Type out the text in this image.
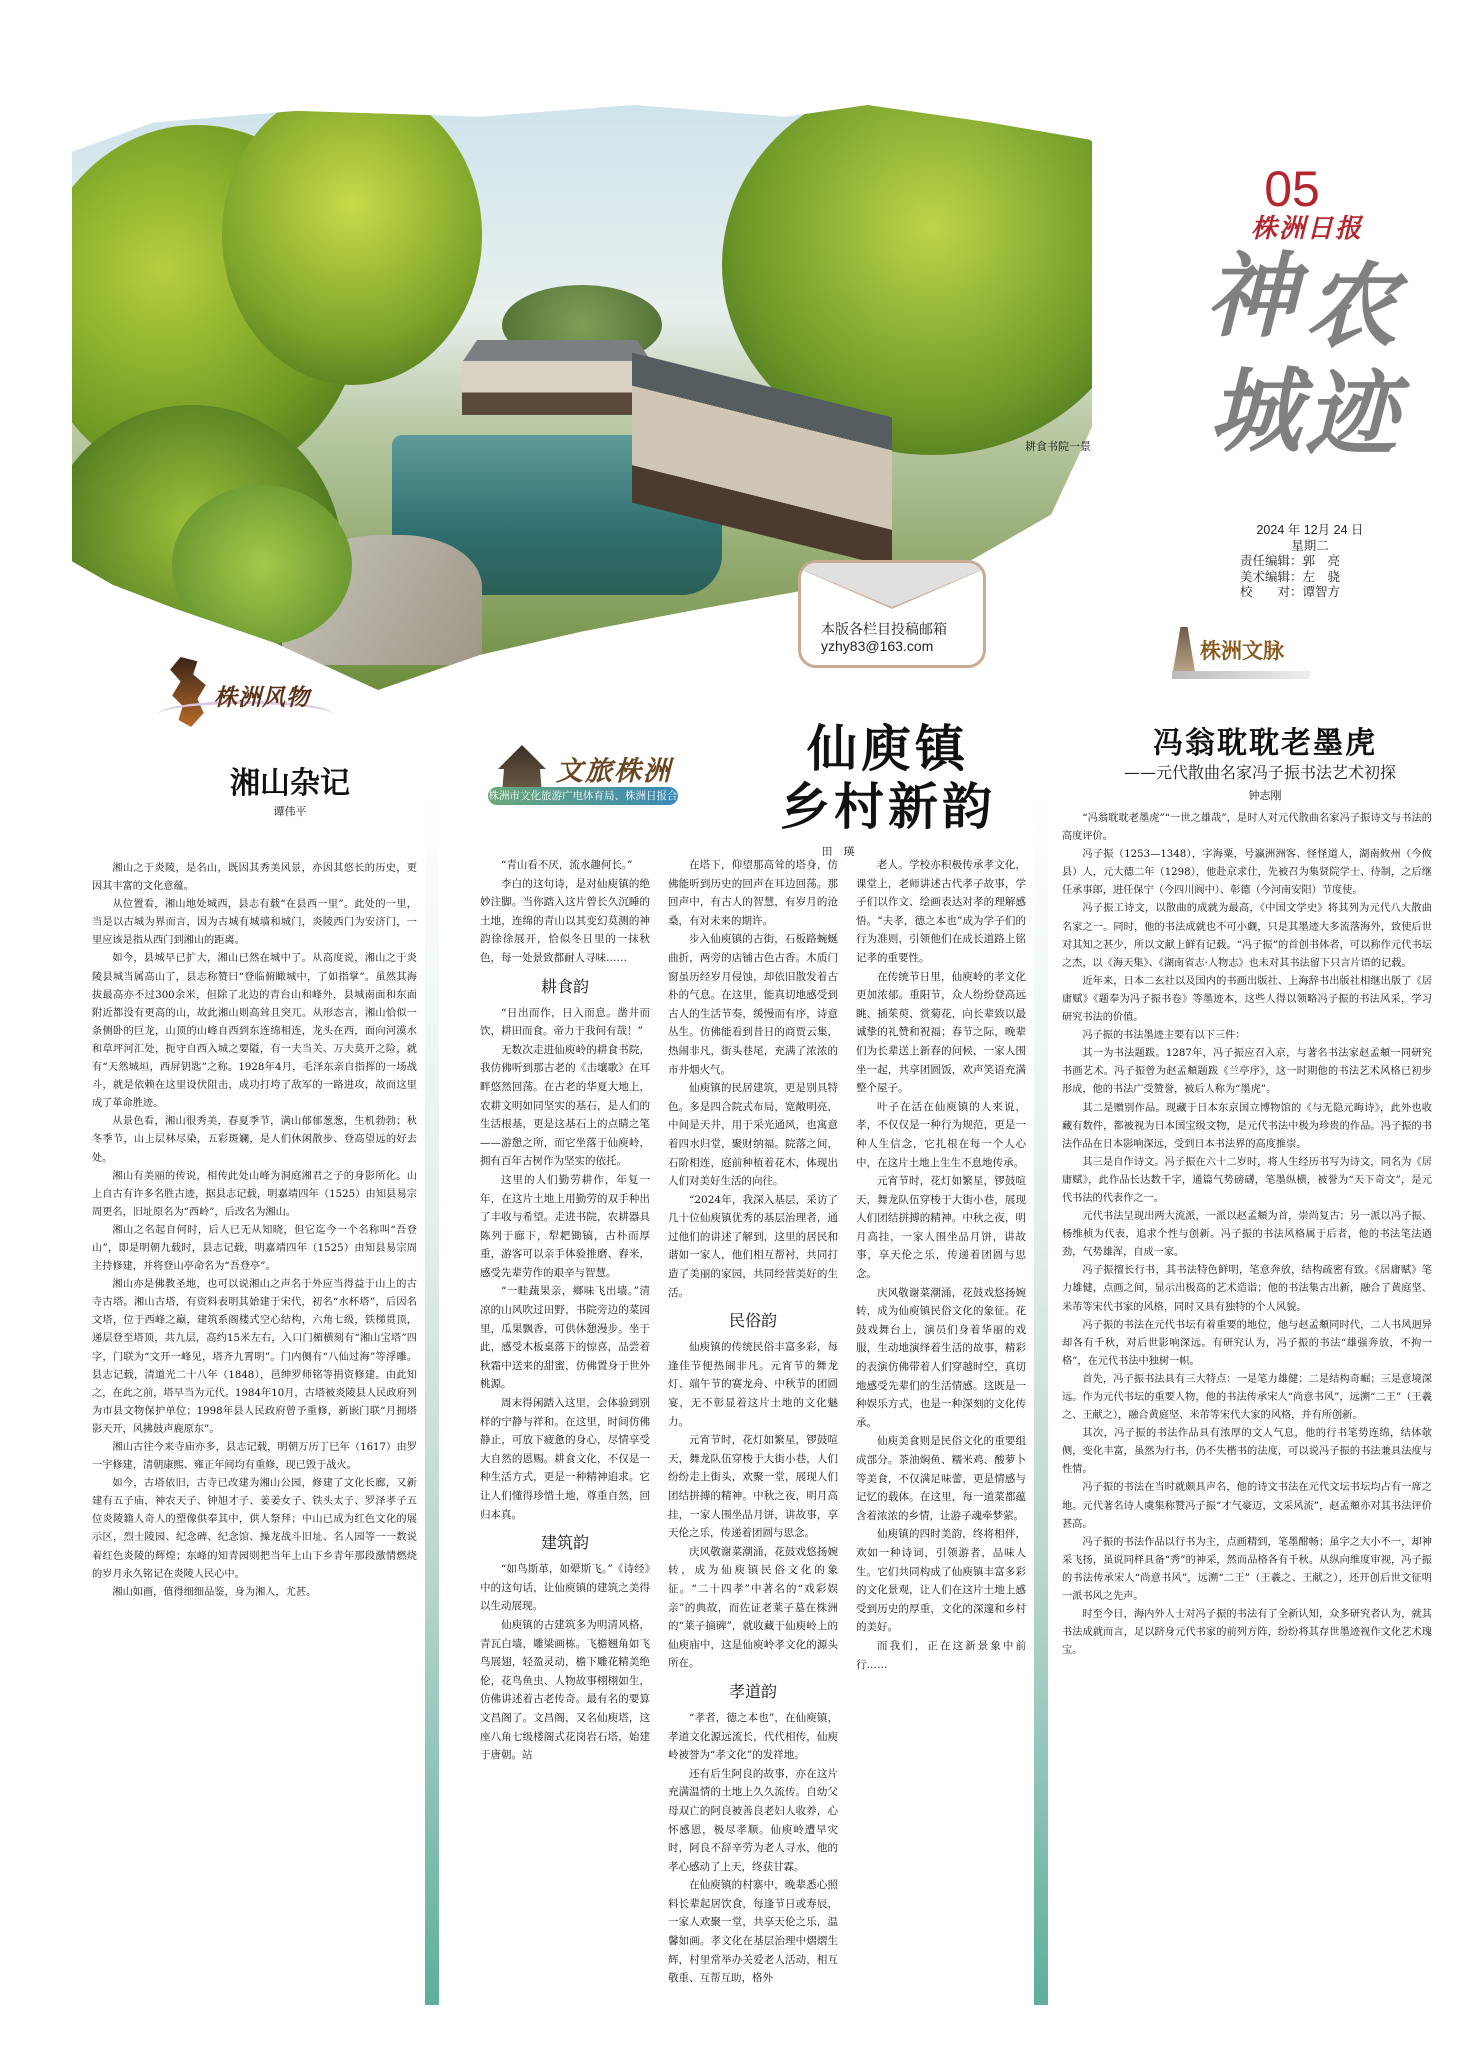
耕食书院一景
05
株洲日报
神 农
城 迹
2024 年 12月 24 日
星期二
责任编辑：郭　亮
美术编辑：左　骁
校　　对：谭智方
本版各栏目投稿邮箱
yzhy83@163.com
株洲风物
文旅株洲
株洲市文化旅游广电体育局、株洲日报合办
株洲文脉
湘山杂记
谭伟平
仙庾镇
乡村新韵
田 瑛
冯翁耽耽老墨虎
——元代散曲名家冯子振书法艺术初探
钟志刚

湘山之于炎陵，是名山，既因其秀美风景，亦因其悠长的历史，更因其丰富的文化意蕴。

从位置看，湘山地处城西，县志有载“在县西一里”。此处的一里，当是以古城为界而言，因为古城有城墙和城门，炎陵西门为安济门，一里应该是指从西门到湘山的距离。

如今，县城早已扩大，湘山已然在城中了。从高度说，湘山之于炎陵县城当属高山了，县志称赞曰“登临俯瞰城中，了如指掌”。虽然其海拔最高亦不过300余米，但除了北边的青台山和峰外，县城南面和东面附近都没有更高的山，故此湘山则高耸且突兀。从形态言，湘山恰似一条侧卧的巨龙，山顶的山峰自西到东连绵相连，龙头在西，面向河漠水和草坪河汇处，扼守自西入城之要隘，有一夫当关、万夫莫开之险，就有“天然城垣，西屏钥匙”之称。1928年4月，毛泽东亲自指挥的一场战斗，就是依赖在这里设伏阻击，成功打垮了敌军的一路进攻，故而这里成了革命胜迹。

从景色看，湘山很秀美，春夏季节，满山郁郁葱葱，生机勃勃；秋冬季节，山上层林尽染，五彩斑斓，是人们休闲散步、登高望远的好去处。

湘山有美丽的传说，相传此处山峰为洞庭湘君之子的身影所化。山上自古有许多名胜古迹，据县志记载，明嘉靖四年（1525）由知县易宗周更名，旧址原名为“西岭”，后改名为湘山。

湘山之名起自何时，后人已无从知晓，但它迄今一个名称叫“吾登山”，即是明朝九载时，县志记载，明嘉靖四年（1525）由知县易宗周主持修建，并将登山亭命名为“吾登亭”。

湘山亦是佛教圣地，也可以说湘山之声名于外应当得益于山上的古寺古塔。湘山古塔，有资料表明其始建于宋代，初名“水杯塔”，后因名文塔，位于西峰之巅，建筑系阁楼式空心结构，六角七级，铁梯贯顶，递层登至塔顶，共九层，高约15米左右，入口门楣横刻有“湘山宝塔”四字，门联为“文开一峰见，塔齐九霄明”。门内侧有“八仙过海”等浮雕。县志记载，清道光二十八年（1848），邑绅罗师铭等捐资修建。由此知之，在此之前，塔早当为元代。1984年10月，古塔被炎陵县人民政府列为市县文物保护单位；1998年县人民政府曾予重修，新嵌门联“月拥塔影天开，风拂鼓声鹿原东”。

湘山古往今来寺庙亦多，县志记载，明朝万历丁巳年（1617）由罗一宇修建，清朝康熙、雍正年间均有重修，现已毁于战火。

如今，古塔依旧，古寺已改建为湘山公园，修建了文化长廊，又新建有五子庙，神农天子、钟旭才子、姜姜女子、铁头太子、罗泽孝子五位炎陵籍人奇人的塑像供奉其中，供人祭拜；中山已成为红色文化的展示区，烈士陵园、纪念碑、纪念馆、操龙战斗旧址、名人园等一一数说着红色炎陵的辉煌；东峰的知青园则把当年上山下乡青年那段激情燃烧的岁月永久铭记在炎陵人民心中。

湘山如画，值得细细品鉴，身为湘人，尤甚。

“青山看不厌，流水趣何长。”

李白的这句诗，是对仙庾镇的绝妙注脚。当你踏入这片曾长久沉睡的土地，连绵的青山以其变幻莫测的神韵徐徐展开，恰似冬日里的一抹秋色，每一处景致都耐人寻味……

耕食韵

“日出而作，日入而息。凿井而饮，耕田而食。帝力于我何有哉！”

无数次走进仙庾岭的耕食书院，我仿佛听到那古老的《击壤歌》在耳畔悠然回荡。在古老的华夏大地上，农耕文明如同坚实的基石，是人们的生活根基，更是这基石上的点睛之笔——游憩之所，而它坐落于仙庾岭，拥有百年古树作为坚实的依托。

这里的人们勤劳耕作，年复一年，在这片土地上用勤劳的双手种出了丰收与希望。走进书院，农耕器具陈列于廊下，犁耙锄镐，古朴而厚重，游客可以亲手体验推磨、舂米，感受先辈劳作的艰辛与智慧。

“一畦蔬果亲，鄉味飞出墙。”清凉的山风吹过田野，书院旁边的菜园里，瓜果飘香，可供休憩漫步。坐于此，感受木板桌落下的惊喜，品尝着秋霜中送来的甜蜜，仿佛置身于世外桃源。

周末得闲踏入这里，会体验到别样的宁静与祥和。在这里，时间仿佛静止，可放下疲惫的身心，尽情享受大自然的恩赐。耕食文化，不仅是一种生活方式，更是一种精神追求。它让人们懂得珍惜土地，尊重自然，回归本真。

建筑韵

“如鸟斯革，如翚斯飞。”《诗经》中的这句话，让仙庾镇的建筑之美得以生动展现。

仙庾镇的古建筑多为明清风格，青瓦白墙，雕梁画栋。飞檐翘角如飞鸟展翅，轻盈灵动，檐下雕花精美绝伦，花鸟鱼虫、人物故事栩栩如生，仿佛讲述着古老传奇。最有名的要算文昌阁了。文昌阁，又名仙庾塔，这座八角七级楼阁式花岗岩石塔，始建于唐朝。站

在塔下，仰望那高耸的塔身，仿佛能听到历史的回声在耳边回荡。那回声中，有古人的智慧，有岁月的沧桑，有对未来的期许。

步入仙庾镇的古街，石板路蜿蜒曲折，两旁的店铺古色古香。木质门窗虽历经岁月侵蚀，却依旧散发着古朴的气息。在这里，能真切地感受到古人的生活节奏，缓慢而有序，诗意丛生。仿佛能看到昔日的商贾云集，热闹非凡，街头巷尾，充满了浓浓的市井烟火气。

仙庾镇的民居建筑，更是别具特色。多是四合院式布局，宽敞明亮，中间是天井，用于采光通风，也寓意着四水归堂，聚财纳福。院落之间，石阶相连，庭前种植着花木，体现出人们对美好生活的向往。

“2024年，我深入基层，采访了几十位仙庾镇优秀的基层治理者，通过他们的讲述了解到，这里的居民和谐如一家人，他们相互帮衬，共同打造了美丽的家园，共同经营美好的生活。

民俗韵

仙庾镇的传统民俗丰富多彩，每逢佳节便热闹非凡。元宵节的舞龙灯、端午节的赛龙舟、中秋节的团圆宴，无不彰显着这片土地的文化魅力。

元宵节时，花灯如繁星，锣鼓喧天，舞龙队伍穿梭于大街小巷，人们纷纷走上街头，欢聚一堂，展现人们团结拼搏的精神。中秋之夜，明月高挂，一家人围坐品月饼，讲故事，享天伦之乐，传递着团圆与思念。

庆风敬谢菜潮涌，花鼓戏悠扬婉转，成为仙庾镇民俗文化的象征。“二十四孝”中著名的“戏彩娱亲”的典故，而佐证老莱子墓在株洲的“莱子摘碑”，就收藏于仙庾岭上的仙庾庙中，这是仙庾岭孝文化的源头所在。

孝道韵

“孝者，德之本也”，在仙庾镇，孝道文化源远流长，代代相传，仙庾岭被誉为“孝文化”的发祥地。

还有后生阿良的故事，亦在这片充满温情的土地上久久流传。自幼父母双亡的阿良被善良老妇人收养，心怀感恩，极尽孝顺。仙庾岭遭旱灾时，阿良不辞辛劳为老人寻水，他的孝心感动了上天，终获甘霖。

在仙庾镇的村寨中，晚辈悉心照料长辈起居饮食，每逢节日或寿辰，一家人欢聚一堂，共享天伦之乐，温馨如画。孝文化在基层治理中熠熠生辉，村里常举办关爱老人活动，相互敬重、互帮互助，格外

老人。学校亦积极传承孝文化，课堂上，老师讲述古代孝子故事，学子们以作文、绘画表达对孝的理解感悟。“夫孝，德之本也”成为学子们的行为准则，引领他们在成长道路上铭记孝的重要性。

在传统节日里，仙庾岭的孝文化更加浓郁。重阳节，众人纷纷登高远眺、插茱萸、赏菊花，向长辈致以最诚挚的礼赞和祝福；春节之际，晚辈们为长辈送上新春的问候，一家人围坐一起，共享团圆饭，欢声笑语充满整个屋子。

叶子在活在仙庾镇的人来说，孝，不仅仅是一种行为规范，更是一种人生信念，它扎根在每一个人心中，在这片土地上生生不息地传承。

元宵节时，花灯如繁星，锣鼓喧天，舞龙队伍穿梭于大街小巷，展现人们团结拼搏的精神。中秋之夜，明月高挂，一家人围坐品月饼，讲故事，享天伦之乐，传递着团圆与思念。

庆风敬谢菜潮涌，花鼓戏悠扬婉转，成为仙庾镇民俗文化的象征。花鼓戏舞台上，演员们身着华丽的戏服，生动地演绎着生活的故事，精彩的表演仿佛带着人们穿越时空，真切地感受先辈们的生活情感。这既是一种娱乐方式，也是一种深刻的文化传承。

仙庾美食则是民俗文化的重要组成部分。茶油焖鱼、糯米鸡、酸萝卜等美食，不仅满足味蕾，更是情感与记忆的载体。在这里，每一道菜都蕴含着浓浓的乡情，让游子魂牵梦萦。

仙庾镇的四时美韵，终将相伴，欢如一种诗词，引领游者，品味人生。它们共同构成了仙庾镇丰富多彩的文化景观，让人们在这片土地上感受到历史的厚重，文化的深邃和乡村的美好。

而我们，正在这新景象中前行……

“冯翁耽耽老墨虎”“一世之雄哉”，是时人对元代散曲名家冯子振诗文与书法的高度评价。

冯子振（1253—1348），字海粟，号瀛洲洲客、怪怪道人，湖南攸州（今攸县）人，元大德二年（1298），他赴京求仕，先被召为集贤院学士、待制，之后继任承事郎，进任保宁（今四川阆中）、彰德（今河南安阳）节度使。

冯子振工诗文，以散曲的成就为最高，《中国文学史》将其列为元代八大散曲名家之一。同时，他的书法成就也不可小觑，只是其墨迹大多流落海外，致使后世对其知之甚少，所以文献上鲜有记载。“冯子振”的首创书体者，可以称作元代书坛之杰，以《海天集》、《湖南省志·人物志》也未对其书法留下只言片语的记载。

近年来，日本二玄社以及国内的书画出版社、上海辞书出版社相继出版了《居庸赋》《题奉为冯子振书卷》等墨迹本，这些人得以领略冯子振的书法风采，学习研究书法的价值。

冯子振的书法墨迹主要有以下三件：

其一为书法题跋。1287年，冯子振应召入京，与著名书法家赵孟頫一同研究书画艺术。冯子振曾为赵孟頫题跋《兰亭序》，这一时期他的书法艺术风格已初步形成，他的书法广受赞誉，被后人称为“墨虎”。

其二是赠别作品。现藏于日本东京国立博物馆的《与无隐元晦诗》，此外也收藏有数件，都被视为日本国宝级文物，是元代书法中极为珍贵的作品。冯子振的书法作品在日本影响深远，受到日本书法界的高度推崇。

其三是自作诗文。冯子振在六十二岁时，将人生经历书写为诗文，同名为《居庸赋》，此作品长达数千字，通篇气势磅礴，笔墨纵横，被誉为“天下奇文”，是元代书法的代表作之一。

元代书法呈现出两大流派，一派以赵孟頫为首，崇尚复古；另一派以冯子振、杨维桢为代表，追求个性与创新。冯子振的书法风格属于后者，他的书法笔法遒劲，气势雄浑，自成一家。

冯子振擅长行书，其书法特色鲜明，笔意奔放，结构疏密有致。《居庸赋》笔力雄健，点画之间，显示出极高的艺术造诣；他的书法集古出新，融合了黄庭坚、米芾等宋代书家的风格，同时又具有独特的个人风貌。

冯子振的书法在元代书坛有着重要的地位，他与赵孟頫同时代，二人书风迥异却各有千秋，对后世影响深远。有研究认为，冯子振的书法“雄强奔放，不拘一格”，在元代书法中独树一帜。

首先，冯子振书法具有三大特点：一是笔力雄健；二是结构奇崛；三是意境深远。作为元代书坛的重要人物，他的书法传承宋人“尚意书风”，远溯“二王”（王羲之、王献之），融合黄庭坚、米芾等宋代大家的风格，并有所创新。

其次，冯子振的书法作品具有浓厚的文人气息，他的行书笔势连绵，结体欹侧，变化丰富，虽然为行书，仍不失楷书的法度，可以说冯子振的书法兼具法度与性情。

冯子振的书法在当时就颇具声名，他的诗文书法在元代文坛书坛均占有一席之地。元代著名诗人虞集称赞冯子振“才气豪迈，文采风流”，赵孟頫亦对其书法评价甚高。

冯子振的书法作品以行书为主，点画精到，笔墨酣畅；虽字之大小不一，却神采飞扬，虽说同样具备“秀”的神采，然而品格各有千秋。从纵向维度审视，冯子振的书法传承宋人“尚意书风”，远溯“二王”（王羲之、王献之），还开创后世文征明一派书风之先声。

时至今日，海内外人士对冯子振的书法有了全新认知，众多研究者认为，就其书法成就而言，足以跻身元代书家的前列方阵，纷纷将其存世墨迹视作文化艺术瑰宝。
